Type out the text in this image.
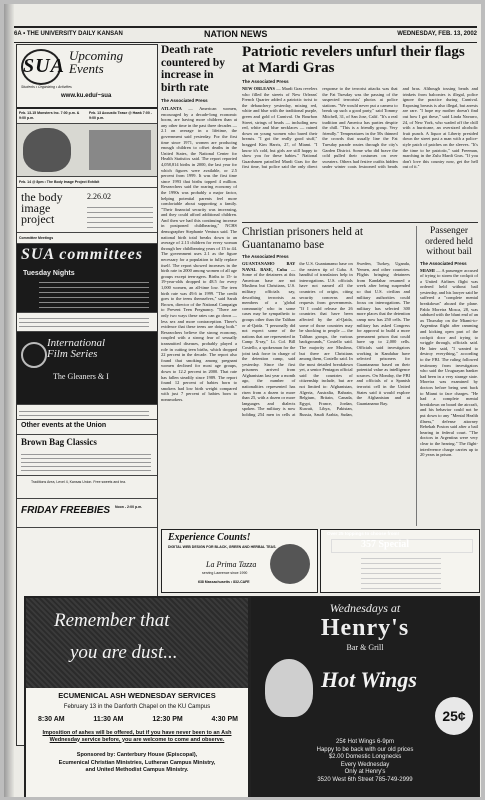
6A • THE UNIVERSITY DAILY KANSAN	NATION NEWS	WEDNESDAY, FEB. 13, 2002
SUA Upcoming Events
Students • Organizing • Activities
www.ku.edu/~sua
Feb. 13-15 Monsters Inc. 7:00 p.m. & 9:00 p.m.
Feb. 13 Acoustic Tease @ Hawk 7:00 - 9:00 p.m.
Feb. 14 @ 8pm • The Body Image Project Exhibit
the body image project
2.26.02
Committee Meetings
SUA committees
Tuesday Nights
International
Film Series
The Gleaners & I
Other events at the Union
Brown Bag Classics
Traditions Area, Level 4, Kansas Union. Free sweets and tea.
FRIDAY FREEBIES Noon - 2:00 p.m.
Death rate countered by increase in birth rate
The Associated Press
ATLANTA — American women, encouraged by a decade-long economic boom, are having more children than at any other time in the past three decades — 2.1 on average in a lifetime, the government said yesterday. For the first time since 1971, women are producing enough children to offset deaths in the United States, the National Center for Health Statistics said. The report reported 4,058,814 births in 2000, the last year for which figures were available, or 2.5 percent from 1999. It was the first time since 1993 that births topped 4 million. Researchers said the roaring economy of the 1990s was probably a major factor, helping potential parents feel more comfortable about supporting a family. "Their financial security was increasing, and they could afford additional children. And then we had this continuing increase in postponed childbearing," NCHS demographer Stephanie Ventura said. The national birth total breaks down to an average of 2.13 children for every woman through her childbearing years of 15 to 44. The government uses 2.1 as the figure necessary for a population to fully replace itself. The report showed increases in the birth rate in 2000 among women of all age groups except teen-agers. Births to 15- to 19-year-olds dropped to 48.5 for every 1,000 women, an all-time low. The teen birth rate was 49.6 in 1999. "The credit goes to the teens themselves," said Sarah Brown, director of the National Campaign to Prevent Teen Pregnancy. "There are only two ways these rates can go down — less sex and more contraception. There's evidence that these teens are doing both." Researchers believe the strong economy, coupled with a strong fear of sexually transmitted diseases, probably played a role in cutting teen births, which dropped 22 percent in the decade. The report also found that smoking among pregnant women declined for most age groups, down to 12.2 percent in 2000. That rate has fallen steadily since 1989. The report found 12 percent of babies born to smokers had low birth weight compared with just 7 percent of babies born to nonsmokers.
Patriotic revelers unfurl their flags at Mardi Gras
The Associated Press
NEW ORLEANS — Mardi Gras revelers who filled the streets of New Orleans' French Quarter added a patriotic twist to the debauchery yesterday, mixing red, white and blue with the traditional purple, green and gold of Carnival. On Bourbon Street, strings of beads — including new red, white and blue necklaces — rained down on young women who bared their breasts. "I got the really good stuff," bragged Kim Harris, 27, of Miami. "I know it's cold, but girls are still happy to show you for these babies." National Guardsmen patrolled Mardi Gras for the first time, but police said the only direct response to the terrorist attacks was that the Fat Tuesday was the passing of the suspected terrorists' photos at police stations. "We would never put a camera to break up such a good party," said Tommy Mitchell, 31, of San Jose, Calif. "It's a real tradition and America has parties despite the chill. "This is a friendly group. Very friendly." Temperatures in the 50s thinned the crowds that usually line the Fat Tuesday parade routes through the city's Garden District. Some who did brave the cold pulled their costumes on over sweaters. Others had festive outfits hidden under winter coats festooned with beads and bras. Although tossing beads and trinkets from balconies is illegal, police ignore the practice during Carnival. Exposing breasts is also illegal, but arrests are rare. "I hope my mother doesn't find out how I got these," said Linda Navarro, 24, of New York, who waded off the chill with a hurricane, an oversized alcoholic fruit punch. A liquor at Liberty presided down the street past a man with a police-style patch of patches on the sleeves. "It's the time to be patriotic," said Freeman, marching in the Zulu Mardi Gras. "If you don't love this country now, get the hell out of it."
Christian prisoners held at Guantanamo base
The Associated Press
GUANTANAMO BAY NAVAL BASE, Cuba — Some of the detainees at this American base are not Muslims but Christians, U.S. military officials say, describing terrorists as members of a 'global community' who in some cases may be sympathetic to groups other than the Taliban or al-Qaida. "I personally did not expect some of the nations that are represented in Camp X-ray," Lt. Col. Bill Costello, a spokesman for the joint task force in charge of the detention camp, said yesterday. Since the first prisoners arrived from Afghanistan last year a month ago, the number of nationalities represented has risen from a dozen to more than 25, with a dozen or more languages and dialects spoken. The military is now holding 254 men in cells at the U.S. Guantanamo base on the eastern tip of Cuba. A handful of translators help in interrogations. U.S. officials have not named all the countries of origin, citing security concerns and requests from governments. "If I could release the 26 countries that have been affected by the al-Qaida, some of those countries may be shocking to people — the Taliban groups, the various backgrounds," Costello said. The majority are Muslims, but there are Christians among them, Costello said. In the most detailed breakdown yet, a senior Pentagon official said the countries of citizenship include, but are not limited to: Afghanistan, Algeria, Australia, Bahrain, Belgium, Britain, Canada, Egypt, France, Jordan, Kuwait, Libya, Pakistan, Russia, Saudi Arabia, Sudan, Sweden, Turkey, Uganda, Yemen, and other countries. Flights bringing detainees from Kandahar resumed a week after being suspended so that U.S. civilian and military authorities could focus on interrogations. The military has selected 300 more places that the detention camp now has 250 cells. The military has asked Congress for approval to build a more permanent prison that could have up to 2,000 cells. Officials said investigators working in Kandahar have selected prisoners for Guantanamo based on their potential value as intelligence sources. On Monday, the FBI and officials of a Spanish terrorist cell in the United States said it would explore the Afghanistan and at Guantanamo Bay.
Passenger ordered held without bail
The Associated Press
MIAMI — A passenger accused of trying to storm the cockpit of a United Airlines flight was ordered held without bail yesterday, and his lawyer said he suffered a "complete mental breakdown" aboard the plane. Pablo Moreira Mosca, 28, was subdued with the blunt end of an ax Thursday on the Miami-to-Argentina flight after ramming and kicking open part of the cockpit door and trying to wriggle through, officials said. He later said, "I wanted to destroy everything," according to the FBI. The ruling followed testimony from investigators who said the Uruguayan banker had been in a very strange state. Moreira was examined by doctors before being sent back to Miami to face charges. "He had a complete mental breakdown on board the aircraft, and his behavior could not be put down to any "Mental Health illness," defense attorney Rebekah Poston said after a bail hearing in federal court. "The doctors in Argentina were very clear to the hearing." The flight-interference charge carries up to 20 years in prison.
Experience Counts!
DIGITAL WEB DESIGN FOR BLACK, GREEN AND HERBAL TEAS.
La Prima Tazza
serving Lawrence since 1990
638 Massachusetts • 832-CAFE
Over 25 toppings to choose from!
357 Special
Remember that
you are dust...
ECUMENICAL ASH WEDNESDAY SERVICES
February 13 in the Danforth Chapel on the KU Campus
8:30 AM	11:30 AM	12:30 PM	4:30 PM
Imposition of ashes will be offered, but if you have never been to an Ash Wednesday service before, you are welcome to come and observe.
Sponsored by: Canterbury House (Episcopal),
Ecumenical Christian Ministries, Lutheran Campus Ministry,
and United Methodist Campus Ministry.
Wednesdays at
Henry's
Bar & Grill
Hot Wings
25¢
25¢ Hot Wings 6-9pm
Happy to be back with our old prices
$2.00 Domestic Longnecks
Every Wednesday
Only at Henry's
3520 West 6th Street 785-749-2999
